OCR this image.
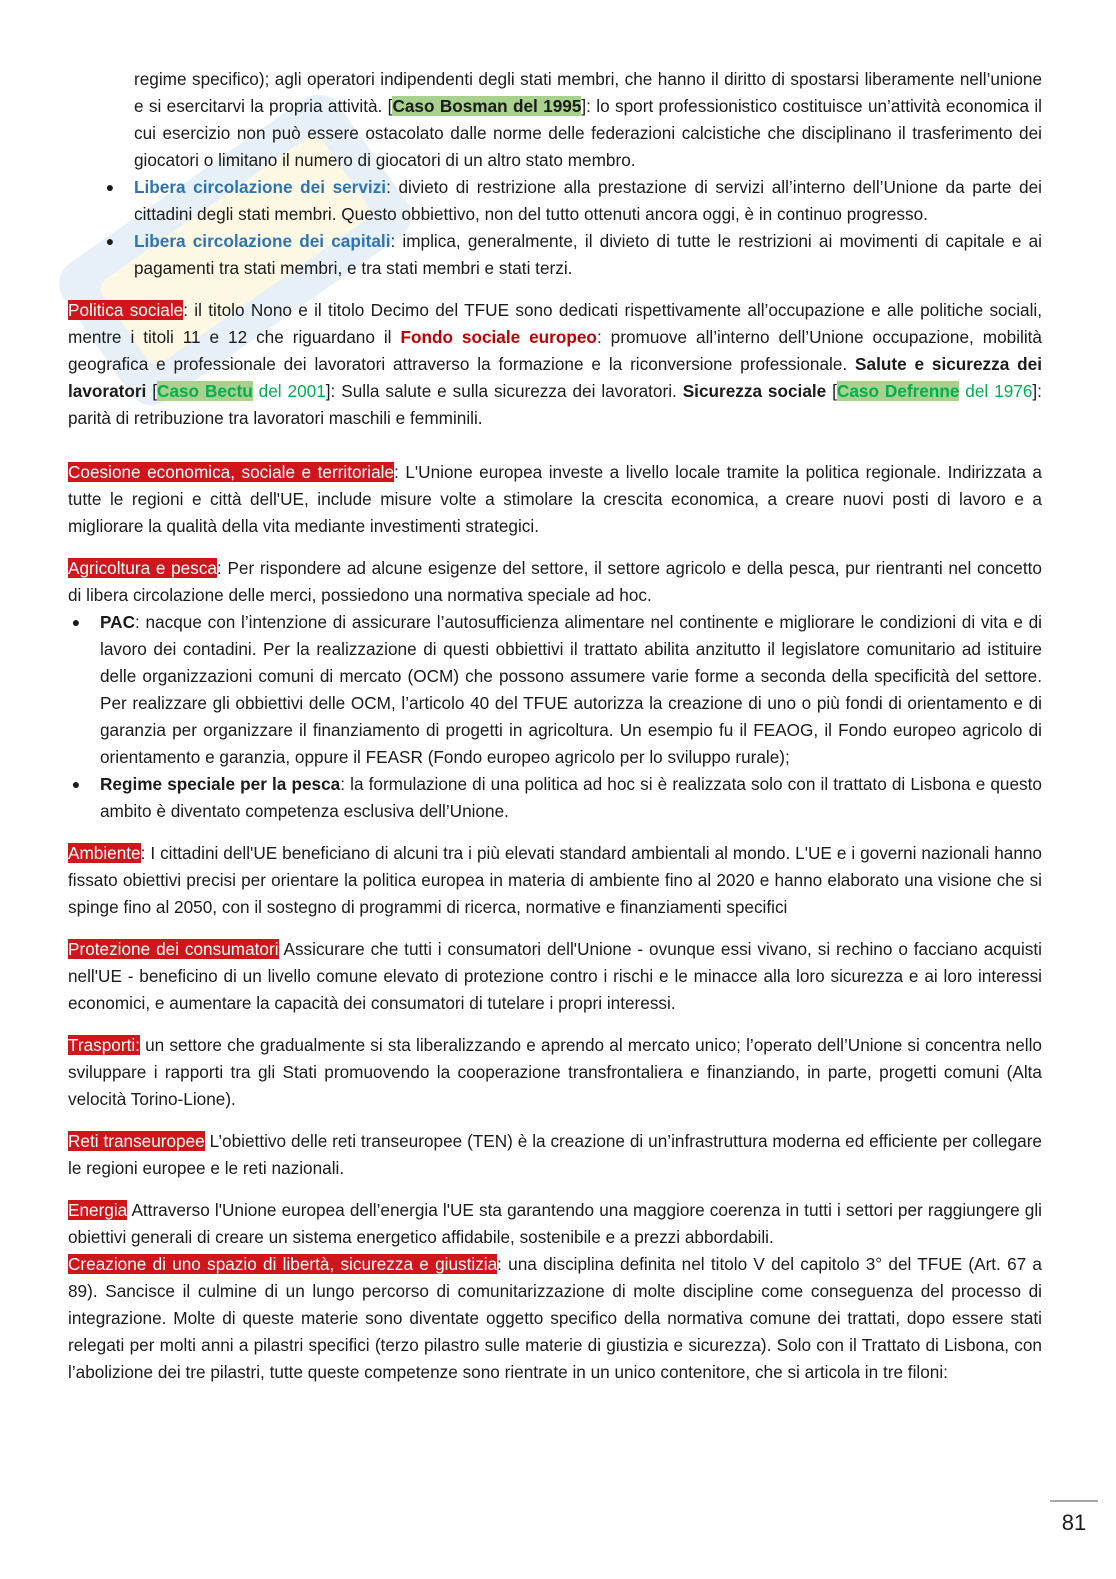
regime specifico); agli operatori indipendenti degli stati membri, che hanno il diritto di spostarsi liberamente nell’unione e si esercitarvi la propria attività. [Caso Bosman del 1995]: lo sport professionistico costituisce un’attività economica il cui esercizio non può essere ostacolato dalle norme delle federazioni calcistiche che disciplinano il trasferimento dei giocatori o limitano il numero di giocatori di un altro stato membro.

●	Libera circolazione dei servizi: divieto di restrizione alla prestazione di servizi all’interno dell’Unione da parte dei cittadini degli stati membri. Questo obbiettivo, non del tutto ottenuti ancora oggi, è in continuo progresso.
●	Libera circolazione dei capitali: implica, generalmente, il divieto di tutte le restrizioni ai movimenti di capitale e ai pagamenti tra stati membri, e tra stati membri e stati terzi.

Politica sociale: il titolo Nono e il titolo Decimo del TFUE sono dedicati rispettivamente all’occupazione e alle politiche sociali, mentre i titoli 11 e 12 che riguardano il Fondo sociale europeo: promuove all’interno dell’Unione occupazione, mobilità geografica e professionale dei lavoratori attraverso la formazione e la riconversione professionale. Salute e sicurezza dei lavoratori [Caso Bectu del 2001]: Sulla salute e sulla sicurezza dei lavoratori. Sicurezza sociale [Caso Defrenne del 1976]: parità di retribuzione tra lavoratori maschili e femminili.

Coesione economica, sociale e territoriale: L'Unione europea investe a livello locale tramite la politica regionale. Indirizzata a tutte le regioni e città dell'UE, include misure volte a stimolare la crescita economica, a creare nuovi posti di lavoro e a migliorare la qualità della vita mediante investimenti strategici.

Agricoltura e pesca: Per rispondere ad alcune esigenze del settore, il settore agricolo e della pesca, pur rientranti nel concetto di libera circolazione delle merci, possiedono una normativa speciale ad hoc.

●	PAC: nacque con l’intenzione di assicurare l’autosufficienza alimentare nel continente e migliorare le condizioni di vita e di lavoro dei contadini. Per la realizzazione di questi obbiettivi il trattato abilita anzitutto il legislatore comunitario ad istituire delle organizzazioni comuni di mercato (OCM) che possono assumere varie forme a seconda della specificità del settore. Per realizzare gli obbiettivi delle OCM, l’articolo 40 del TFUE autorizza la creazione di uno o più fondi di orientamento e di garanzia per organizzare il finanziamento di progetti in agricoltura. Un esempio fu il FEAOG, il Fondo europeo agricolo di orientamento e garanzia, oppure il FEASR (Fondo europeo agricolo per lo sviluppo rurale);
●	Regime speciale per la pesca: la formulazione di una politica ad hoc si è realizzata solo con il trattato di Lisbona e questo ambito è diventato competenza esclusiva dell’Unione.

Ambiente: I cittadini dell'UE beneficiano di alcuni tra i più elevati standard ambientali al mondo. L'UE e i governi nazionali hanno fissato obiettivi precisi per orientare la politica europea in materia di ambiente fino al 2020 e hanno elaborato una visione che si spinge fino al 2050, con il sostegno di programmi di ricerca, normative e finanziamenti specifici

Protezione dei consumatori Assicurare che tutti i consumatori dell'Unione - ovunque essi vivano, si rechino o facciano acquisti nell'UE - beneficino di un livello comune elevato di protezione contro i rischi e le minacce alla loro sicurezza e ai loro interessi economici, e aumentare la capacità dei consumatori di tutelare i propri interessi.

Trasporti: un settore che gradualmente si sta liberalizzando e aprendo al mercato unico; l’operato dell’Unione si concentra nello sviluppare i rapporti tra gli Stati promuovendo la cooperazione transfrontaliera e finanziando, in parte, progetti comuni (Alta velocità Torino-Lione).

Reti transeuropee L’obiettivo delle reti transeuropee (TEN) è la creazione di un’infrastruttura moderna ed efficiente per collegare le regioni europee e le reti nazionali.

Energia Attraverso l'Unione europea dell’energia l'UE sta garantendo una maggiore coerenza in tutti i settori per raggiungere gli obiettivi generali di creare un sistema energetico affidabile, sostenibile e a prezzi abbordabili.

Creazione di uno spazio di libertà, sicurezza e giustizia: una disciplina definita nel titolo V del capitolo 3° del TFUE (Art. 67 a 89). Sancisce il culmine di un lungo percorso di comunitarizzazione di molte discipline come conseguenza del processo di integrazione. Molte di queste materie sono diventate oggetto specifico della normativa comune dei trattati, dopo essere stati relegati per molti anni a pilastri specifici (terzo pilastro sulle materie di giustizia e sicurezza). Solo con il Trattato di Lisbona, con l’abolizione dei tre pilastri, tutte queste competenze sono rientrate in un unico contenitore, che si articola in tre filoni:

81
